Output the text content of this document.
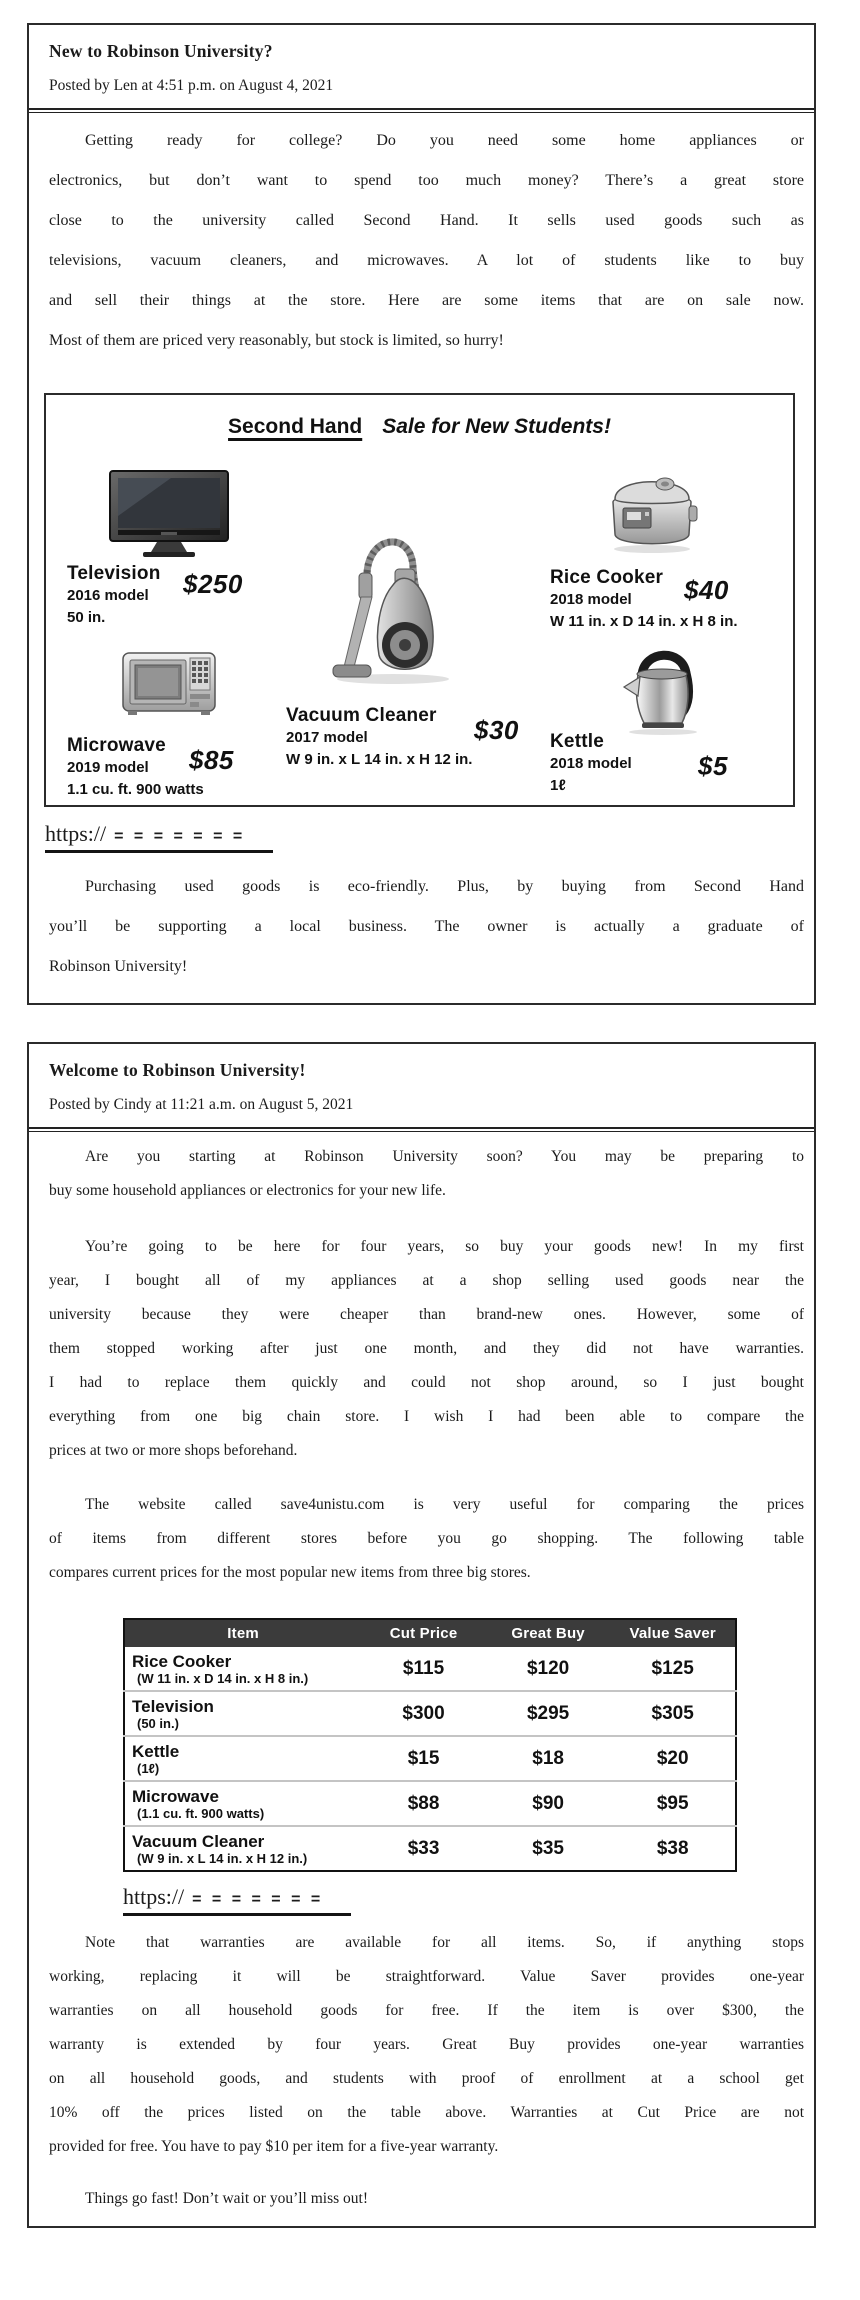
New to Robinson University?
Posted by Len at 4:51 p.m. on August 4, 2021
Getting ready for college? Do you need some home appliances or
electronics, but don’t want to spend too much money? There’s a great store
close to the university called Second Hand. It sells used goods such as
televisions, vacuum cleaners, and microwaves. A lot of students like to buy
and sell their things at the store. Here are some items that are on sale now.
Most of them are priced very reasonably, but stock is limited, so hurry!
Second Hand Sale for New Students!
Television
2016 model
50 in.
$250
Microwave
2019 model
1.1 cu. ft. 900 watts
$85
Vacuum Cleaner
2017 model
W 9 in. x L 14 in. x H 12 in.
$30
Rice Cooker
2018 model
W 11 in. x D 14 in. x H 8 in.
$40
Kettle
2018 model
1ℓ
$5
https:// = = = = = = =
Purchasing used goods is eco-friendly. Plus, by buying from Second Hand
you’ll be supporting a local business. The owner is actually a graduate of
Robinson University!
Welcome to Robinson University!
Posted by Cindy at 11:21 a.m. on August 5, 2021
Are you starting at Robinson University soon? You may be preparing to
buy some household appliances or electronics for your new life.
You’re going to be here for four years, so buy your goods new! In my first
year, I bought all of my appliances at a shop selling used goods near the
university because they were cheaper than brand-new ones. However, some of
them stopped working after just one month, and they did not have warranties.
I had to replace them quickly and could not shop around, so I just bought
everything from one big chain store. I wish I had been able to compare the
prices at two or more shops beforehand.
The website called save4unistu.com is very useful for comparing the prices
of items from different stores before you go shopping. The following table
compares current prices for the most popular new items from three big stores.
Item	Cut Price	Great Buy	Value Saver

Rice Cooker
(W 11 in. x D 14 in. x H 8 in.)	$115	$120	$125

Television
(50 in.)	$300	$295	$305

Kettle
(1ℓ)	$15	$18	$20

Microwave
(1.1 cu. ft. 900 watts)	$88	$90	$95

Vacuum Cleaner
(W 9 in. x L 14 in. x H 12 in.)	$33	$35	$38
https:// = = = = = = =
Note that warranties are available for all items. So, if anything stops
working, replacing it will be straightforward. Value Saver provides one-year
warranties on all household goods for free. If the item is over $300, the
warranty is extended by four years. Great Buy provides one-year warranties
on all household goods, and students with proof of enrollment at a school get
10% off the prices listed on the table above. Warranties at Cut Price are not
provided for free. You have to pay $10 per item for a five-year warranty.
Things go fast! Don’t wait or you’ll miss out!
